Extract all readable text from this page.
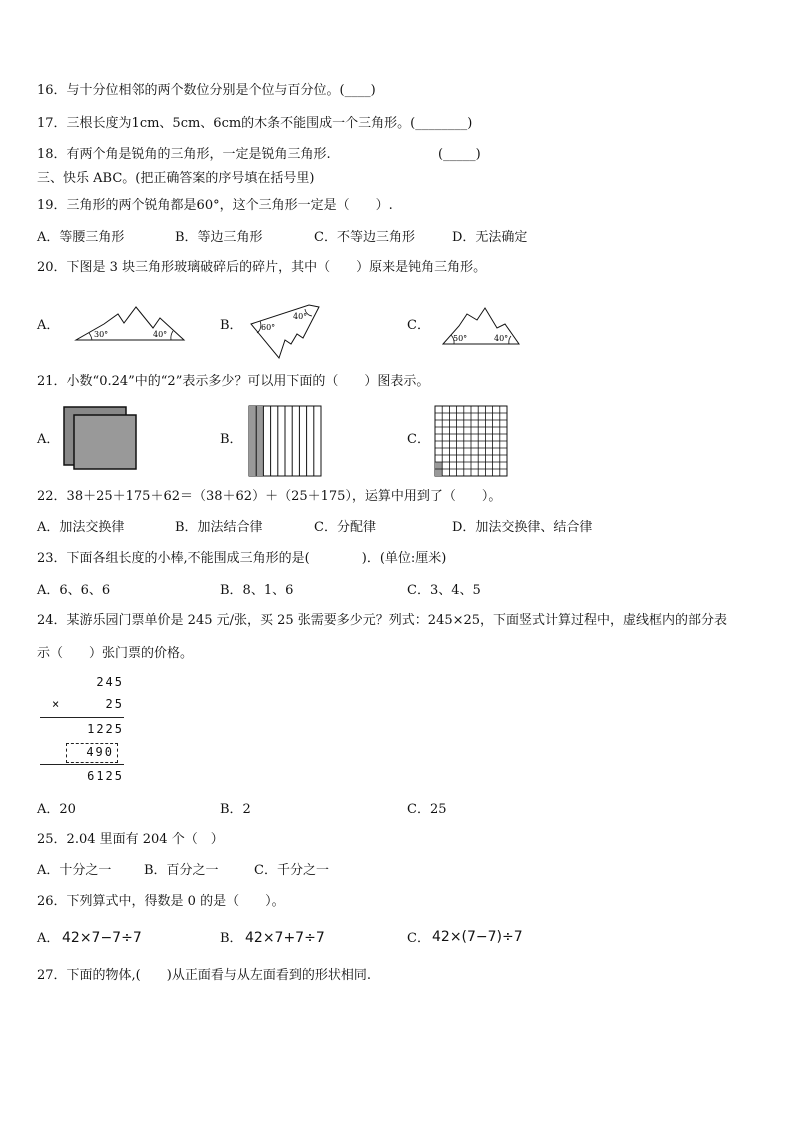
16．与十分位相邻的两个数位分别是个位与百分位。(____)
17．三根长度为1cm、5cm、6cm的木条不能围成一个三角形。(________)
18．有两个角是锐角的三角形，一定是锐角三角形.	(_____)
三、快乐 ABC。(把正确答案的序号填在括号里)
19．三角形的两个锐角都是60°，这个三角形一定是（　　）.
A．等腰三角形	B．等边三角形	C．不等边三角形	D．无法确定
20．下图是 3 块三角形玻璃破碎后的碎片，其中（　　）原来是钝角三角形。
A．	B．	C．
30°	40°
60°
40°
50°	40°
21．小数“0.24”中的“2”表示多少？可以用下面的（　　）图表示。
A．	B．	C．
22．38＋25＋175＋62＝（38＋62）＋（25＋175），运算中用到了（　　）。
A．加法交换律	B．加法结合律	C．分配律	D．加法交换律、结合律
23．下面各组长度的小棒,不能围成三角形的是(　　　　)．(单位:厘米)
A．6、6、6	B．8、1、6	C．3、4、5
24．某游乐园门票单价是 245 元/张，买 25 张需要多少元？列式：245×25，下面竖式计算过程中，虚线框内的部分表
示（　　）张门票的价格。
245
×	25
1225
490
6125
A．20	B．2	C．25
25．2.04 里面有 204 个（　）
A．十分之一	B．百分之一	C．千分之一
26．下列算式中，得数是 0 的是（　　）。
A． 42×7−7÷7	B． 42×7+7÷7	C． 42×(7−7)÷7
27．下面的物体,(　　)从正面看与从左面看到的形状相同.
